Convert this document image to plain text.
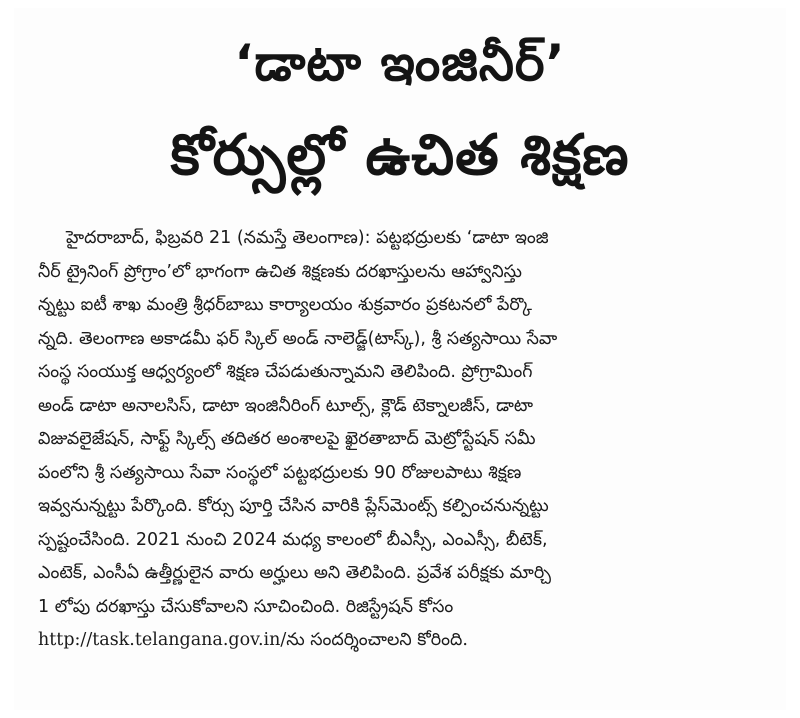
‘డాటా ఇంజినీర్’
కోర్సుల్లో ఉచిత శిక్షణ
హైదరాబాద్, ఫిబ్రవరి 21 (నమస్తే తెలంగాణ): పట్టభద్రులకు ‘డాటా ఇంజి
నీర్ ట్రైనింగ్ ప్రోగ్రాం’లో భాగంగా ఉచిత శిక్షణకు దరఖాస్తులను ఆహ్వానిస్తు
న్నట్టు ఐటీ శాఖ మంత్రి శ్రీధర్‌బాబు కార్యాలయం శుక్రవారం ప్రకటనలో పేర్కొ
న్నది. తెలంగాణ అకాడమీ ఫర్ స్కిల్ అండ్ నాలెడ్జ్(టాస్క్), శ్రీ సత్యసాయి సేవా
సంస్థ సంయుక్త ఆధ్వర్యంలో శిక్షణ చేపడుతున్నామని తెలిపింది. ప్రోగ్రామింగ్
అండ్ డాటా అనాలసిస్, డాటా ఇంజినీరింగ్ టూల్స్, క్లౌడ్ టెక్నాలజీస్, డాటా
విజువలైజేషన్, సాఫ్ట్ స్కిల్స్ తదితర అంశాలపై ఖైరతాబాద్ మెట్రోస్టేషన్ సమీ
పంలోని శ్రీ సత్యసాయి సేవా సంస్థలో పట్టభద్రులకు 90 రోజులపాటు శిక్షణ
ఇవ్వనున్నట్టు పేర్కొంది. కోర్సు పూర్తి చేసిన వారికి ప్లేస్‌మెంట్స్ కల్పించనున్నట్టు
స్పష్టంచేసింది. 2021 నుంచి 2024 మధ్య కాలంలో బీఎస్సీ, ఎంఎస్సీ, బీటెక్,
ఎంటెక్, ఎంసీఏ ఉత్తీర్ణులైన వారు అర్హులు అని తెలిపింది. ప్రవేశ పరీక్షకు మార్చి
1 లోపు దరఖాస్తు చేసుకోవాలని సూచించింది. రిజిస్ట్రేషన్ కోసం
http://task.telangana.gov.in/ను సందర్శించాలని కోరింది.
